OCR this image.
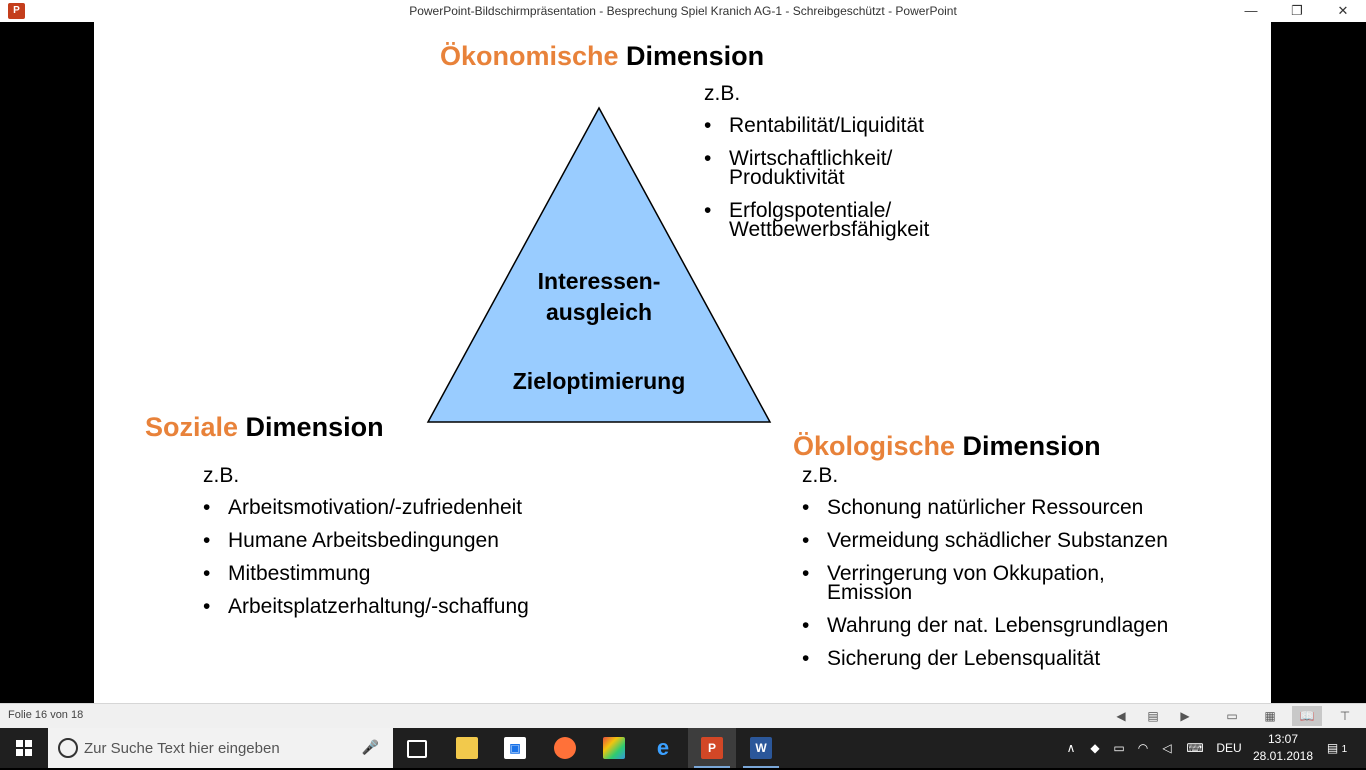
P	PowerPoint-Bildschirmpräsentation - Besprechung Spiel Kranich AG-1 - Schreibgeschützt - PowerPoint	—	❐	✕
Ökonomische Dimension
z.B.
• Rentabilität/Liquidität
• Wirtschaftlichkeit/
Produktivität
• Erfolgspotentiale/
Wettbewerbsfähigkeit
Interessen-
ausgleich
Zieloptimierung
Soziale Dimension
z.B.
• Arbeitsmotivation/-zufriedenheit
• Humane Arbeitsbedingungen
• Mitbestimmung
• Arbeitsplatzerhaltung/-schaffung
Ökologische Dimension
z.B.
• Schonung natürlicher Ressourcen
• Vermeidung schädlicher Substanzen
• Verringerung von Okkupation,
Emission
• Wahrung der nat. Lebensgrundlagen
• Sicherung der Lebensqualität
Folie 16 von 18	◀ ▤ ▶	▭ ▦	📖	⊤
Zur Suche Text hier eingeben	🎤	▣	e	P	W	∧	◆	▭	◠	◁	⌨	DEU
13:07
28.01.2018
▤ 1
